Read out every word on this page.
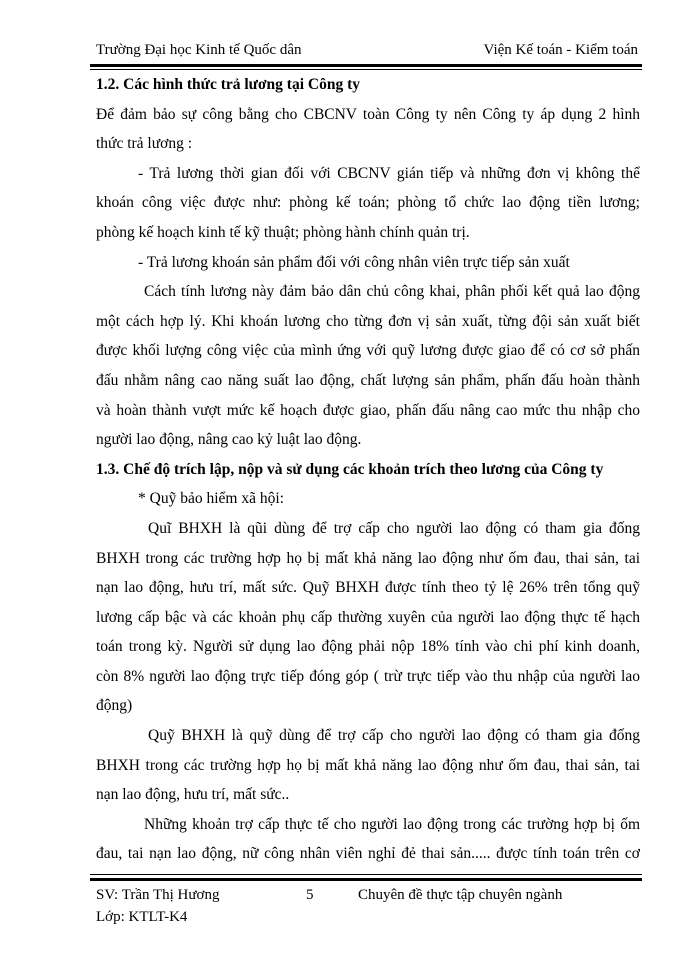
Trường Đại học Kinh tế Quốc dân	Viện Kế toán - Kiểm toán
1.2. Các hình thức trả lương tại Công ty
Để đảm bảo sự công bằng cho CBCNV toàn Công ty nên Công ty áp dụng 2 hình
thức trả lương :
- Trả lương thời gian đối với CBCNV gián tiếp và những đơn vị không thể
khoán công việc được như: phòng kế toán; phòng tổ chức lao động tiền lương;
phòng kế hoạch kinh tế kỹ thuật; phòng hành chính quản trị.
- Trả lương khoán sản phẩm đối với công nhân viên trực tiếp sản xuất
Cách tính lương này đảm bảo dân chủ công khai, phân phối kết quả lao động
một cách hợp lý. Khi khoán lương cho từng đơn vị sản xuất, từng đội sản xuất biết
được khối lượng công việc của mình ứng với quỹ lương được giao để có cơ sở phấn
đấu nhằm nâng cao năng suất lao động, chất lượng sản phẩm, phấn đấu hoàn thành
và hoàn thành vượt mức kế hoạch được giao, phấn đấu nâng cao mức thu nhập cho
người lao động, nâng cao kỷ luật lao động.
1.3. Chế độ trích lập, nộp và sử dụng các khoản trích theo lương của Công ty
* Quỹ bảo hiểm xã hội:
Quĩ BHXH là qũi dùng để trợ cấp cho người lao động có tham gia đống
BHXH trong các trường hợp họ bị mất khả năng lao động như ốm đau, thai sản, tai
nạn lao động, hưu trí, mất sức. Quỹ BHXH được tính theo tỷ lệ 26% trên tổng quỹ
lương cấp bậc và các khoản phụ cấp thường xuyên của người lao động thực tế hạch
toán trong kỳ. Người sử dụng lao động phải nộp 18% tính vào chi phí kinh doanh,
còn 8% người lao động trực tiếp đóng góp ( trừ trực tiếp vào thu nhập của người lao
động)
Quỹ BHXH là quỹ dùng để trợ cấp cho người lao động có tham gia đống
BHXH trong các trường hợp họ bị mất khả năng lao động như ốm đau, thai sản, tai
nạn lao động, hưu trí, mất sức..
Những khoản trợ cấp thực tế cho người lao động trong các trường hợp bị ốm
đau, tai nạn lao động, nữ công nhân viên nghỉ đẻ thai sản..... được tính toán trên cơ
SV: Trần Thị Hương	5	Chuyên đề thực tập chuyên ngành
Lớp: KTLT-K4
